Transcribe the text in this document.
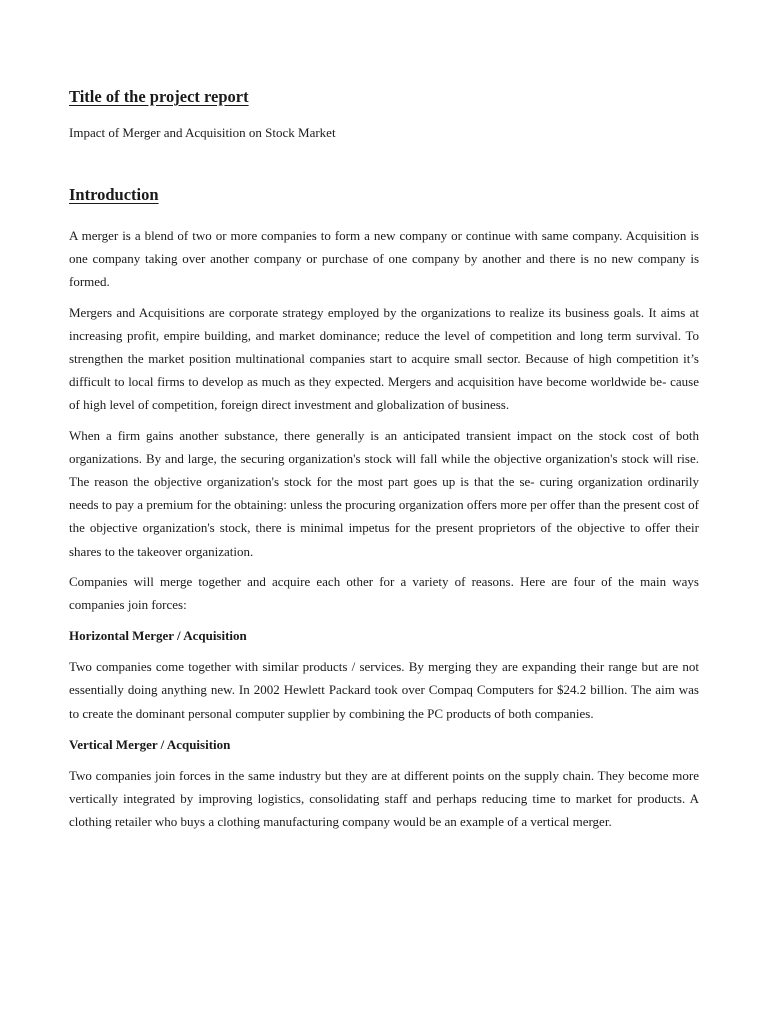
Title of the project report

Impact of Merger and Acquisition on Stock Market

Introduction

A merger is a blend of two or more companies to form a new company or continue with same company. Acquisition is one company taking over another company or purchase of one company by another and there is no new company is formed.

Mergers and Acquisitions are corporate strategy employed by the organizations to realize its business goals. It aims at increasing profit, empire building, and market dominance; reduce the level of competition and long term survival. To strengthen the market position multinational companies start to acquire small sector. Because of high competition it’s difficult to local firms to develop as much as they expected. Mergers and acquisition have become worldwide be- cause of high level of competition, foreign direct investment and globalization of business.

When a firm gains another substance, there generally is an anticipated transient impact on the stock cost of both organizations. By and large, the securing organization's stock will fall while the objective organization's stock will rise. The reason the objective organization's stock for the most part goes up is that the se- curing organization ordinarily needs to pay a premium for the obtaining: unless the procuring organization offers more per offer than the present cost of the objective organization's stock, there is minimal impetus for the present proprietors of the objective to offer their shares to the takeover organization.

Companies will merge together and acquire each other for a variety of reasons. Here are four of the main ways companies join forces:

Horizontal Merger / Acquisition

Two companies come together with similar products / services. By merging they are expanding their range but are not essentially doing anything new. In 2002 Hewlett Packard took over Compaq Computers for $24.2 billion. The aim was to create the dominant personal computer supplier by combining the PC products of both companies.

Vertical Merger / Acquisition

Two companies join forces in the same industry but they are at different points on the supply chain. They become more vertically integrated by improving logistics, consolidating staff and perhaps reducing time to market for products. A clothing retailer who buys a clothing manufacturing company would be an example of a vertical merger.
